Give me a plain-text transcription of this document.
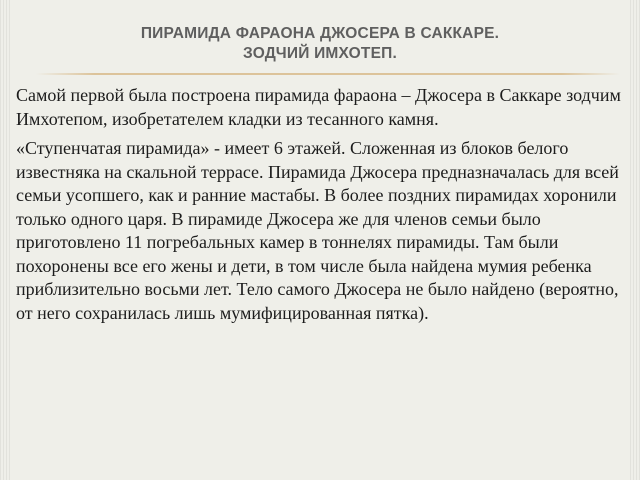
ПИРАМИДА ФАРАОНА ДЖОСЕРА В САККАРЕ.
ЗОДЧИЙ ИМХОТЕП.

Самой первой была построена пирамида фараона – Джосера в Саккаре зодчим Имхотепом, изобретателем кладки из тесанного камня.

«Ступенчатая пирамида» - имеет 6 этажей. Сложенная из блоков белого известняка на скальной террасе. Пирамида Джосера предназначалась для всей семьи усопшего, как и ранние мастабы. В более поздних пирамидах хоронили только одного царя. В пирамиде Джосера же для членов семьи было приготовлено 11 погребальных камер в тоннелях пирамиды. Там были похоронены все его жены и дети, в том числе была найдена мумия ребенка приблизительно восьми лет. Тело самого Джосера не было найдено (вероятно, от него сохранилась лишь мумифицированная пятка).
